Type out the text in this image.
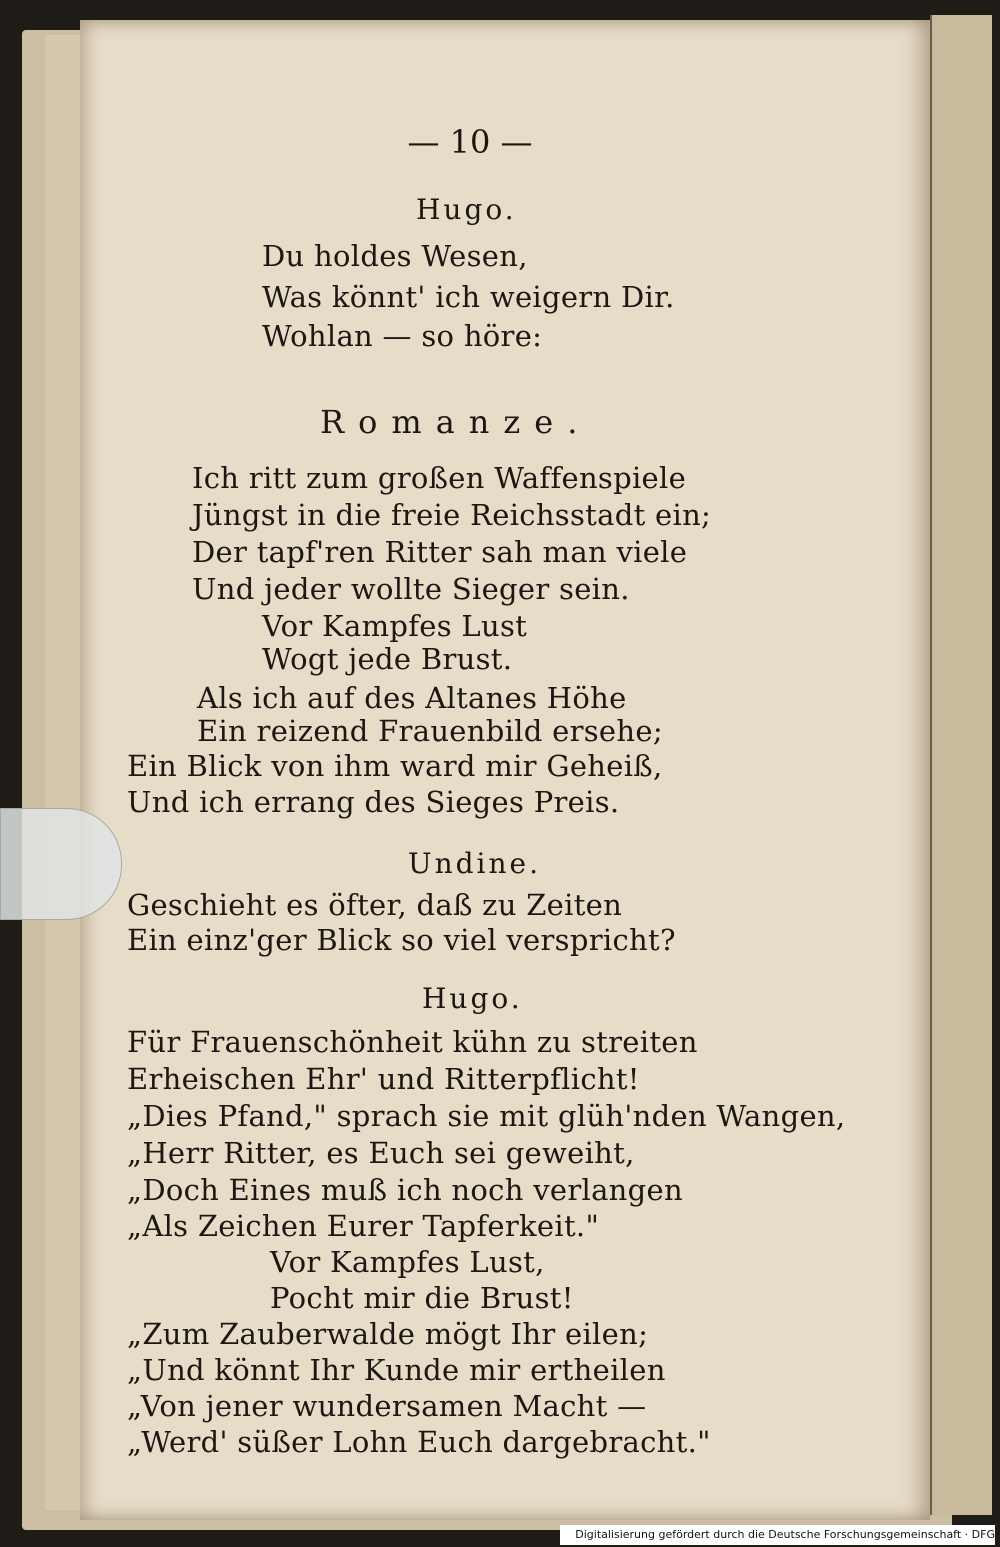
— 10 —
Hugo.
Du holdes Wesen,
Was könnt' ich weigern Dir.
Wohlan — so höre:
Romanze.
Ich ritt zum großen Waffenspiele
Jüngst in die freie Reichsstadt ein;
Der tapf'ren Ritter sah man viele
Und jeder wollte Sieger sein.
Vor Kampfes Lust
Wogt jede Brust.
Als ich auf des Altanes Höhe
Ein reizend Frauenbild ersehe;
Ein Blick von ihm ward mir Geheiß,
Und ich errang des Sieges Preis.
Undine.
Geschieht es öfter, daß zu Zeiten
Ein einz'ger Blick so viel verspricht?
Hugo.
Für Frauenschönheit kühn zu streiten
Erheischen Ehr' und Ritterpflicht!
„Dies Pfand," sprach sie mit glüh'nden Wangen,
„Herr Ritter, es Euch sei geweiht,
„Doch Eines muß ich noch verlangen
„Als Zeichen Eurer Tapferkeit."
Vor Kampfes Lust,
Pocht mir die Brust!
„Zum Zauberwalde mögt Ihr eilen;
„Und könnt Ihr Kunde mir ertheilen
„Von jener wundersamen Macht —
„Werd' süßer Lohn Euch dargebracht."
Digitalisierung gefördert durch die Deutsche Forschungsgemeinschaft · DFG
